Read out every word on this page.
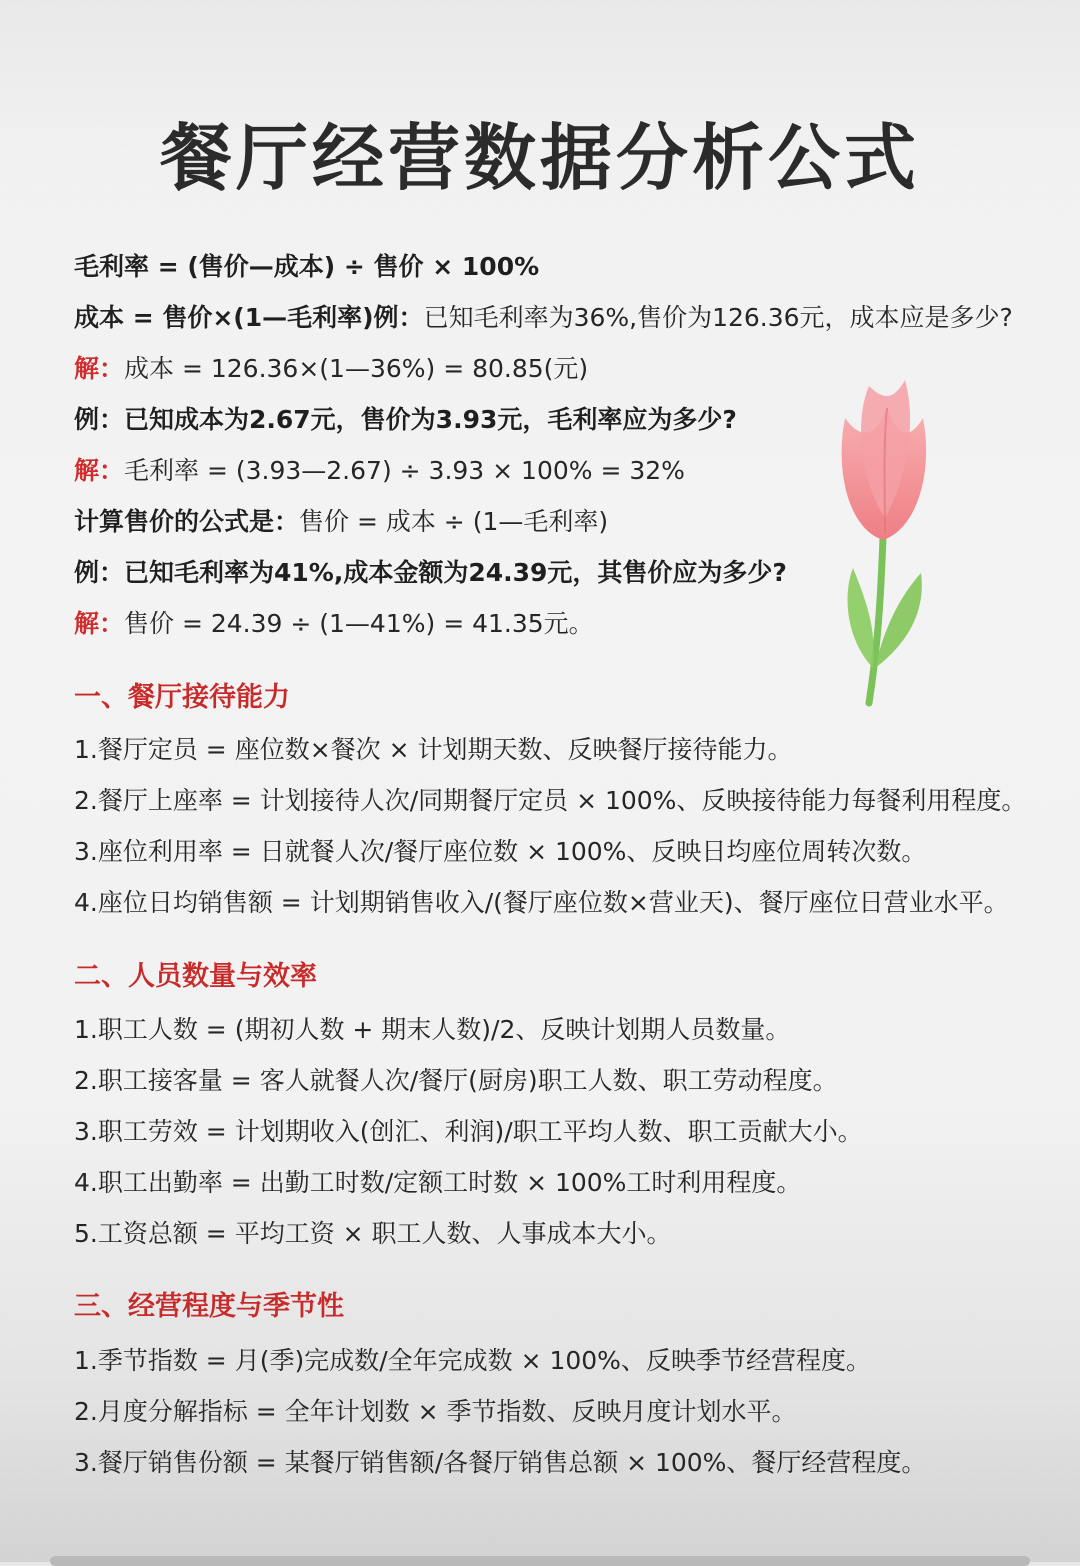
餐厅经营数据分析公式
毛利率 = (售价—成本) ÷ 售价 × 100%
成本 = 售价×(1—毛利率)例：已知毛利率为36%,售价为126.36元，成本应是多少?
解：成本 = 126.36×(1—36%) = 80.85(元)
例：已知成本为2.67元，售价为3.93元，毛利率应为多少?
解：毛利率 = (3.93—2.67) ÷ 3.93 × 100% = 32%
计算售价的公式是：售价 = 成本 ÷ (1—毛利率)
例：已知毛利率为41%,成本金额为24.39元，其售价应为多少?
解：售价 = 24.39 ÷ (1—41%) = 41.35元。
一、餐厅接待能力
1.餐厅定员 = 座位数×餐次 × 计划期天数、反映餐厅接待能力。
2.餐厅上座率 = 计划接待人次/同期餐厅定员 × 100%、反映接待能力每餐利用程度。
3.座位利用率 = 日就餐人次/餐厅座位数 × 100%、反映日均座位周转次数。
4.座位日均销售额 = 计划期销售收入/(餐厅座位数×营业天)、餐厅座位日营业水平。
二、人员数量与效率
1.职工人数 = (期初人数 + 期末人数)/2、反映计划期人员数量。
2.职工接客量 = 客人就餐人次/餐厅(厨房)职工人数、职工劳动程度。
3.职工劳效 = 计划期收入(创汇、利润)/职工平均人数、职工贡献大小。
4.职工出勤率 = 出勤工时数/定额工时数 × 100%工时利用程度。
5.工资总额 = 平均工资 × 职工人数、人事成本大小。
三、经营程度与季节性
1.季节指数 = 月(季)完成数/全年完成数 × 100%、反映季节经营程度。
2.月度分解指标 = 全年计划数 × 季节指数、反映月度计划水平。
3.餐厅销售份额 = 某餐厅销售额/各餐厅销售总额 × 100%、餐厅经营程度。
